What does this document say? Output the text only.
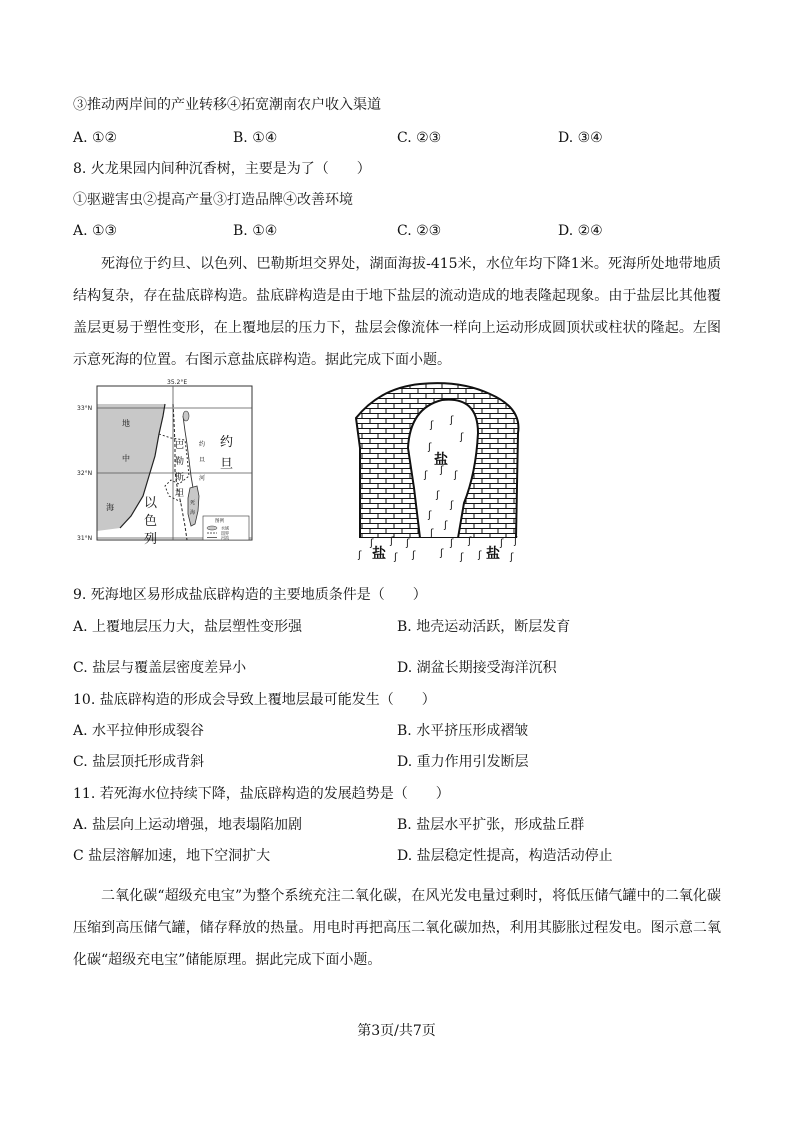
③推动两岸间的产业转移④拓宽潮南农户收入渠道
A. ①②	B. ①④	C. ②③	D. ③④
8. 火龙果园内间种沉香树，主要是为了（　　）
①驱避害虫②提高产量③打造品牌④改善环境
A. ①③	B. ①④	C. ②③	D. ②④
死海位于约旦、以色列、巴勒斯坦交界处，湖面海拔-415米，水位年均下降1米。死海所处地带地质结构复杂，存在盐底辟构造。盐底辟构造是由于地下盐层的流动造成的地表隆起现象。由于盐层比其他覆盖层更易于塑性变形，在上覆地层的压力下，盐层会像流体一样向上运动形成圆顶状或柱状的隆起。左图示意死海的位置。右图示意盐底辟构造。据此完成下面小题。
35.2°E
33°N
32°N
31°N
地
中
海 以
色
列
巴
勒
斯
坦
约
旦
约
旦
河
死
海
图例
水域
国界
河流
ʃ ʃ
ʃ
ʃ
ʃ
ʃ	ʃ
ʃ
ʃ
ʃ
ʃ
ʃ
ʃ ʃ ʃ	ʃ	ʃ ʃ
ʃ	ʃ ʃ ʃ ʃ ʃ	ʃ
ʃ
盐
盐	盐
9. 死海地区易形成盐底辟构造的主要地质条件是（　　）
A. 上覆地层压力大，盐层塑性变形强	B. 地壳运动活跃，断层发育
C. 盐层与覆盖层密度差异小	D. 湖盆长期接受海洋沉积
10. 盐底辟构造的形成会导致上覆地层最可能发生（　　）
A. 水平拉伸形成裂谷	B. 水平挤压形成褶皱
C. 盐层顶托形成背斜	D. 重力作用引发断层
11. 若死海水位持续下降，盐底辟构造的发展趋势是（　　）
A. 盐层向上运动增强，地表塌陷加剧	B. 盐层水平扩张，形成盐丘群
C 盐层溶解加速，地下空洞扩大	D. 盐层稳定性提高，构造活动停止
二氧化碳“超级充电宝”为整个系统充注二氧化碳，在风光发电量过剩时，将低压储气罐中的二氧化碳压缩到高压储气罐，储存释放的热量。用电时再把高压二氧化碳加热，利用其膨胀过程发电。图示意二氧化碳“超级充电宝”储能原理。据此完成下面小题。
第3页/共7页
